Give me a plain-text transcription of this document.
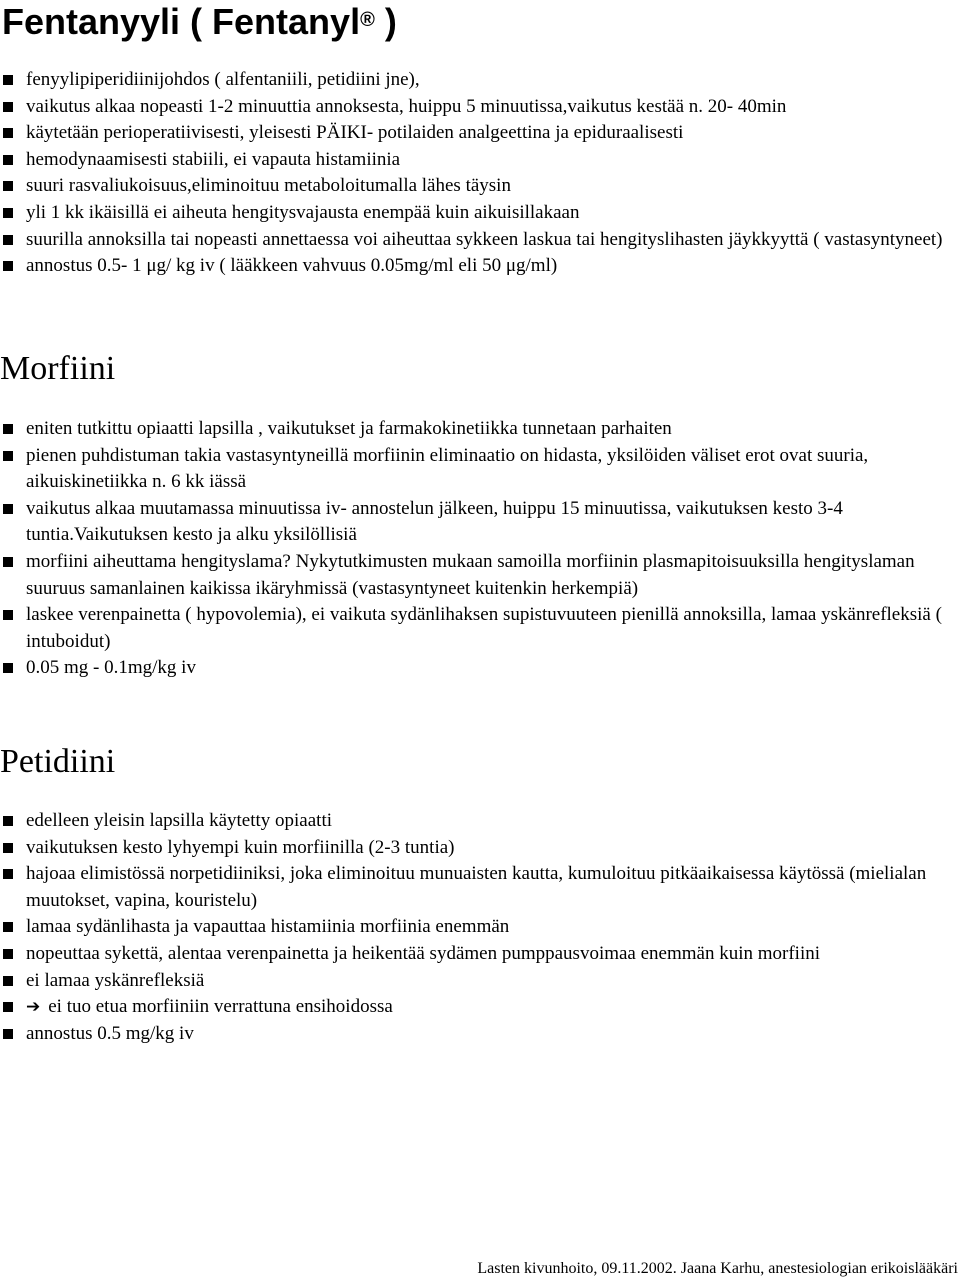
Fentanyyli ( Fentanyl® )
fenyylipiperidiinijohdos ( alfentaniili, petidiini jne),
vaikutus alkaa nopeasti 1-2 minuuttia annoksesta, huippu 5 minuutissa,vaikutus kestää n. 20- 40min
käytetään perioperatiivisesti, yleisesti PÄIKI- potilaiden analgeettina ja epiduraalisesti
hemodynaamisesti stabiili, ei vapauta histamiinia
suuri rasvaliukoisuus,eliminoituu metaboloitumalla lähes täysin
yli 1 kk ikäisillä ei aiheuta hengitysvajausta enempää kuin aikuisillakaan
suurilla annoksilla tai nopeasti annettaessa voi aiheuttaa sykkeen laskua tai hengityslihasten jäykkyyttä ( vastasyntyneet)
annostus 0.5- 1 μg/ kg iv ( lääkkeen vahvuus 0.05mg/ml eli 50 μg/ml)
Morfiini
eniten tutkittu opiaatti lapsilla , vaikutukset ja farmakokinetiikka tunnetaan parhaiten
pienen puhdistuman takia vastasyntyneillä morfiinin eliminaatio on hidasta, yksilöiden väliset erot ovat suuria, aikuiskinetiikka n. 6 kk iässä
vaikutus alkaa muutamassa minuutissa iv- annostelun jälkeen, huippu 15 minuutissa, vaikutuksen kesto 3-4 tuntia.Vaikutuksen kesto ja alku yksilöllisiä
morfiini aiheuttama hengityslama? Nykytutkimusten mukaan samoilla morfiinin plasmapitoisuuksilla hengityslaman suuruus samanlainen kaikissa ikäryhmissä (vastasyntyneet kuitenkin herkempiä)
laskee verenpainetta ( hypovolemia), ei vaikuta sydänlihaksen supistuvuuteen pienillä annoksilla, lamaa yskänrefleksiä ( intuboidut)
0.05 mg - 0.1mg/kg iv
Petidiini
edelleen yleisin lapsilla käytetty opiaatti
vaikutuksen kesto lyhyempi kuin morfiinilla (2-3 tuntia)
hajoaa elimistössä norpetidiiniksi, joka eliminoituu munuaisten kautta, kumuloituu pitkäaikaisessa käytössä (mielialan muutokset, vapina, kouristelu)
lamaa sydänlihasta ja vapauttaa histamiinia morfiinia enemmän
nopeuttaa sykettä, alentaa verenpainetta ja heikentää sydämen pumppausvoimaa enemmän kuin morfiini
ei lamaa yskänrefleksiä
➔ ei tuo etua morfiiniin verrattuna ensihoidossa
annostus 0.5 mg/kg iv
Lasten kivunhoito, 09.11.2002. Jaana Karhu, anestesiologian erikoislääkäri
